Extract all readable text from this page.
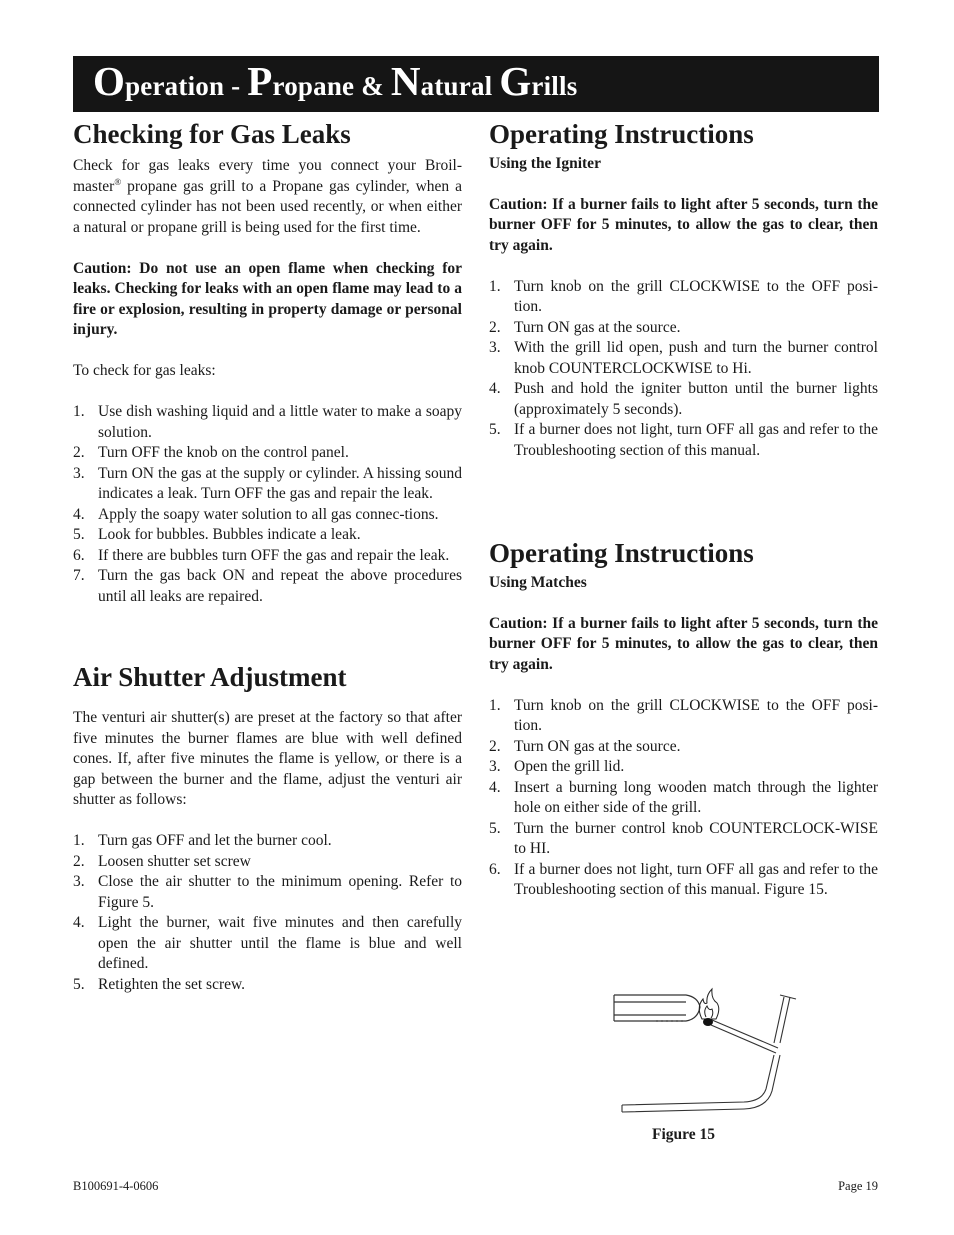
Operation - Propane & Natural Grills
Checking for Gas Leaks

Check for gas leaks every time you connect your Broil-master® propane gas grill to a Propane gas cylinder, when a connected cylinder has not been used recently, or when either a natural or propane grill is being used for the first time.

Caution: Do not use an open flame when checking for leaks. Checking for leaks with an open flame may lead to a fire or explosion, resulting in property damage or personal injury.

To check for gas leaks:

1. Use dish washing liquid and a little water to make a soapy solution.
2. Turn OFF the knob on the control panel.
3. Turn ON the gas at the supply or cylinder. A hissing sound indicates a leak. Turn OFF the gas and repair the leak.
4. Apply the soapy water solution to all gas connec-tions.
5. Look for bubbles. Bubbles indicate a leak.
6. If there are bubbles turn OFF the gas and repair the leak.
7. Turn the gas back ON and repeat the above procedures until all leaks are repaired.
Air Shutter Adjustment

The venturi air shutter(s) are preset at the factory so that after five minutes the burner flames are blue with well defined cones. If, after five minutes the flame is yellow, or there is a gap between the burner and the flame, adjust the venturi air shutter as follows:

1. Turn gas OFF and let the burner cool.
2. Loosen shutter set screw
3. Close the air shutter to the minimum opening. Refer to Figure 5.
4. Light the burner, wait five minutes and then carefully open the air shutter until the flame is blue and well defined.
5. Retighten the set screw.
Operating Instructions

Using the Igniter

Caution: If a burner fails to light after 5 seconds, turn the burner OFF for 5 minutes, to allow the gas to clear, then try again.

1. Turn knob on the grill CLOCKWISE to the OFF posi-tion.
2. Turn ON gas at the source.
3. With the grill lid open, push and turn the burner control knob COUNTERCLOCKWISE to Hi.
4. Push and hold the igniter button until the burner lights (approximately 5 seconds).
5. If a burner does not light, turn OFF all gas and refer to the Troubleshooting section of this manual.
Operating Instructions

Using Matches

Caution: If a burner fails to light after 5 seconds, turn the burner OFF for 5 minutes, to allow the gas to clear, then try again.

1. Turn knob on the grill CLOCKWISE to the OFF posi-tion.
2. Turn ON gas at the source.
3. Open the grill lid.
4. Insert a burning long wooden match through the lighter hole on either side of the grill.
5. Turn the burner control knob COUNTERCLOCK-WISE to HI.
6. If a burner does not light, turn OFF all gas and refer to the Troubleshooting section of this manual. Figure 15.
Figure 15
B100691-4-0606	Page 19
